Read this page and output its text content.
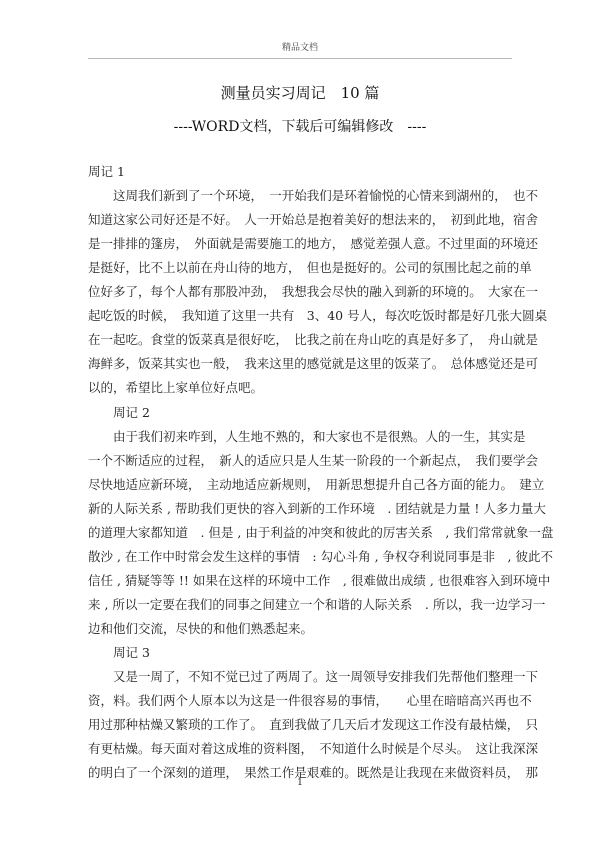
精品文档
测量员实习周记　10 篇
----WORD文档，下载后可编辑修改　----
周记 1
　　这周我们新到了一个环境，　一开始我们是环着愉悦的心情来到湖州的，　也不
知道这家公司好还是不好。　人一开始总是抱着美好的想法来的，　初到此地，宿舍
是一排排的篷房，　外面就是需要施工的地方，　感觉差强人意。不过里面的环境还
是挺好，比不上以前在舟山待的地方，　但也是挺好的。公司的氛围比起之前的单
位好多了，每个人都有那股冲劲，　我想我会尽快的融入到新的环境的。　大家在一
起吃饭的时候，　我知道了这里一共有　3、40 号人，每次吃饭时都是好几张大圆桌
在一起吃。食堂的饭菜真是很好吃，　比我之前在舟山吃的真是好多了，　舟山就是
海鲜多，饭菜其实也一般，　我来这里的感觉就是这里的饭菜了。　总体感觉还是可
以的，希望比上家单位好点吧。
　　周记 2
　　由于我们初来咋到，人生地不熟的，和大家也不是很熟。人的一生，其实是
一个不断适应的过程，　新人的适应只是人生某一阶段的一个新起点，　我们要学会
尽快地适应新环境，　主动地适应新规则，　用新思想提升自己各方面的能力。　建立
新的人际关系 , 帮助我们更快的容入到新的工作环境　. 团结就是力量 ! 人多力量大
的道理大家都知道　. 但是 , 由于利益的冲突和彼此的厉害关系　, 我们常常就象一盘
散沙 , 在工作中时常会发生这样的事情　: 勾心斗角 , 争权夺利说同事是非　, 彼此不
信任 , 猜疑等等 !! 如果在这样的环境中工作　, 很难做出成绩 , 也很难容入到环境中
来 , 所以一定要在我们的同事之间建立一个和谐的人际关系　. 所以，我一边学习一
边和他们交流，尽快的和他们熟悉起来。
　　周记 3
　　又是一周了，不知不觉已过了两周了。这一周领导安排我们先帮他们整理一下
资，料。我们两个人原本以为这是一件很容易的事情，　　心里在暗暗高兴再也不
用过那种枯燥又繁琐的工作了。　直到我做了几天后才发现这工作没有最枯燥，　只
有更枯燥。每天面对着这成堆的资料图，　不知道什么时候是个尽头。　这让我深深
的明白了一个深刻的道理，　果然工作是艰难的。既然是让我现在来做资料员，　那
1
